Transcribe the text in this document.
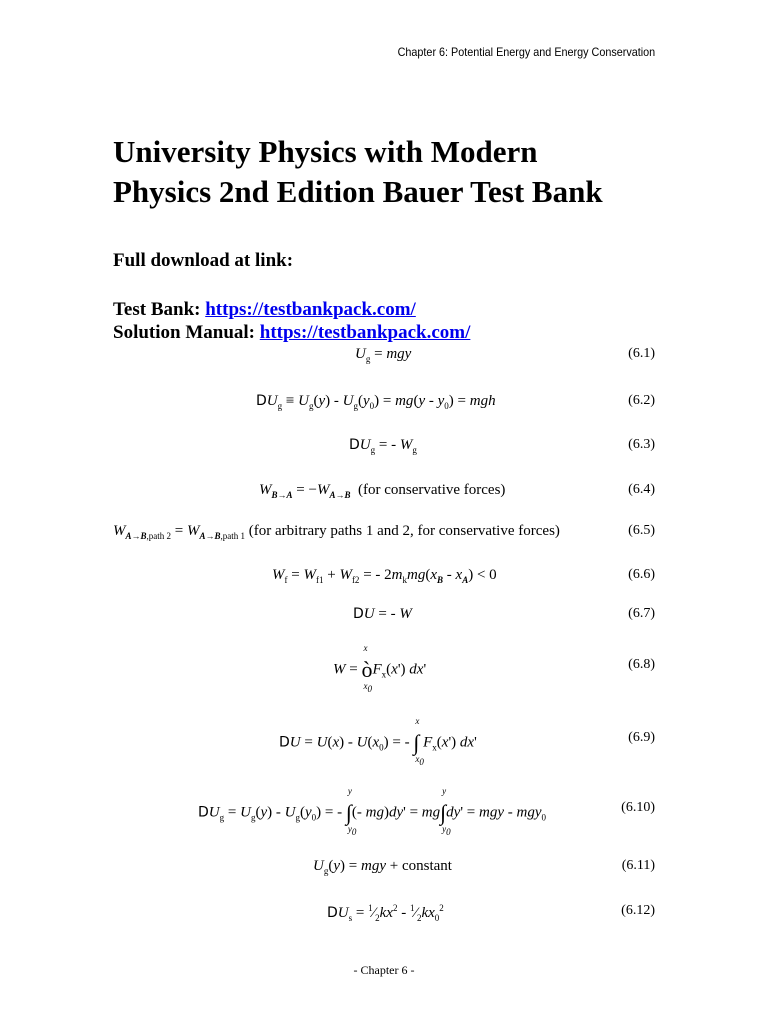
Chapter 6: Potential Energy and Energy Conservation
University Physics with Modern
Physics 2nd Edition Bauer Test Bank
Full download at link:
Test Bank: https://testbankpack.com/
Solution Manual: https://testbankpack.com/
$U_g$ = mgy	(6.1)
$DU_g \equiv U_g(y) - U_g(y_0) = mg(y - y_0)$ = mgh	(6.2)
$DU_g$ = - $W_g$	(6.3)
$W_{B\to A} = -W_{A\to B}$ (for conservative forces)	(6.4)
$W_{A\to B,path 2} = W_{A\to B,path 1}$ (for arbitrary paths 1 and 2, for conservative forces)	(6.5)
$W_f = W_{f1} + W_{f2}$ = - $2m_kmg(x_B - x_A) < 0$	(6.6)
DU = - W	(6.7)
W = ò
x
$x_0$
$F_x(x')$ dx'	(6.8)
DU = $U(x) - U(x_0)$ = - ∫
x
$x_0$
$F_x(x')$ dx'	(6.9)
$DU_g = U_g(y) - U_g(y_0)$ = - ∫
y
$y_0$
(- mg)dy' = mg∫
y
$y_0$
dy' = mgy - mgy$_0$
(6.10)
$U_g(y)$ = mgy + constant	(6.11)
$DU_s$ = $^1⁄_2kx^2$ - $^1⁄_2kx_0^2$	(6.12)
- Chapter 6 -
